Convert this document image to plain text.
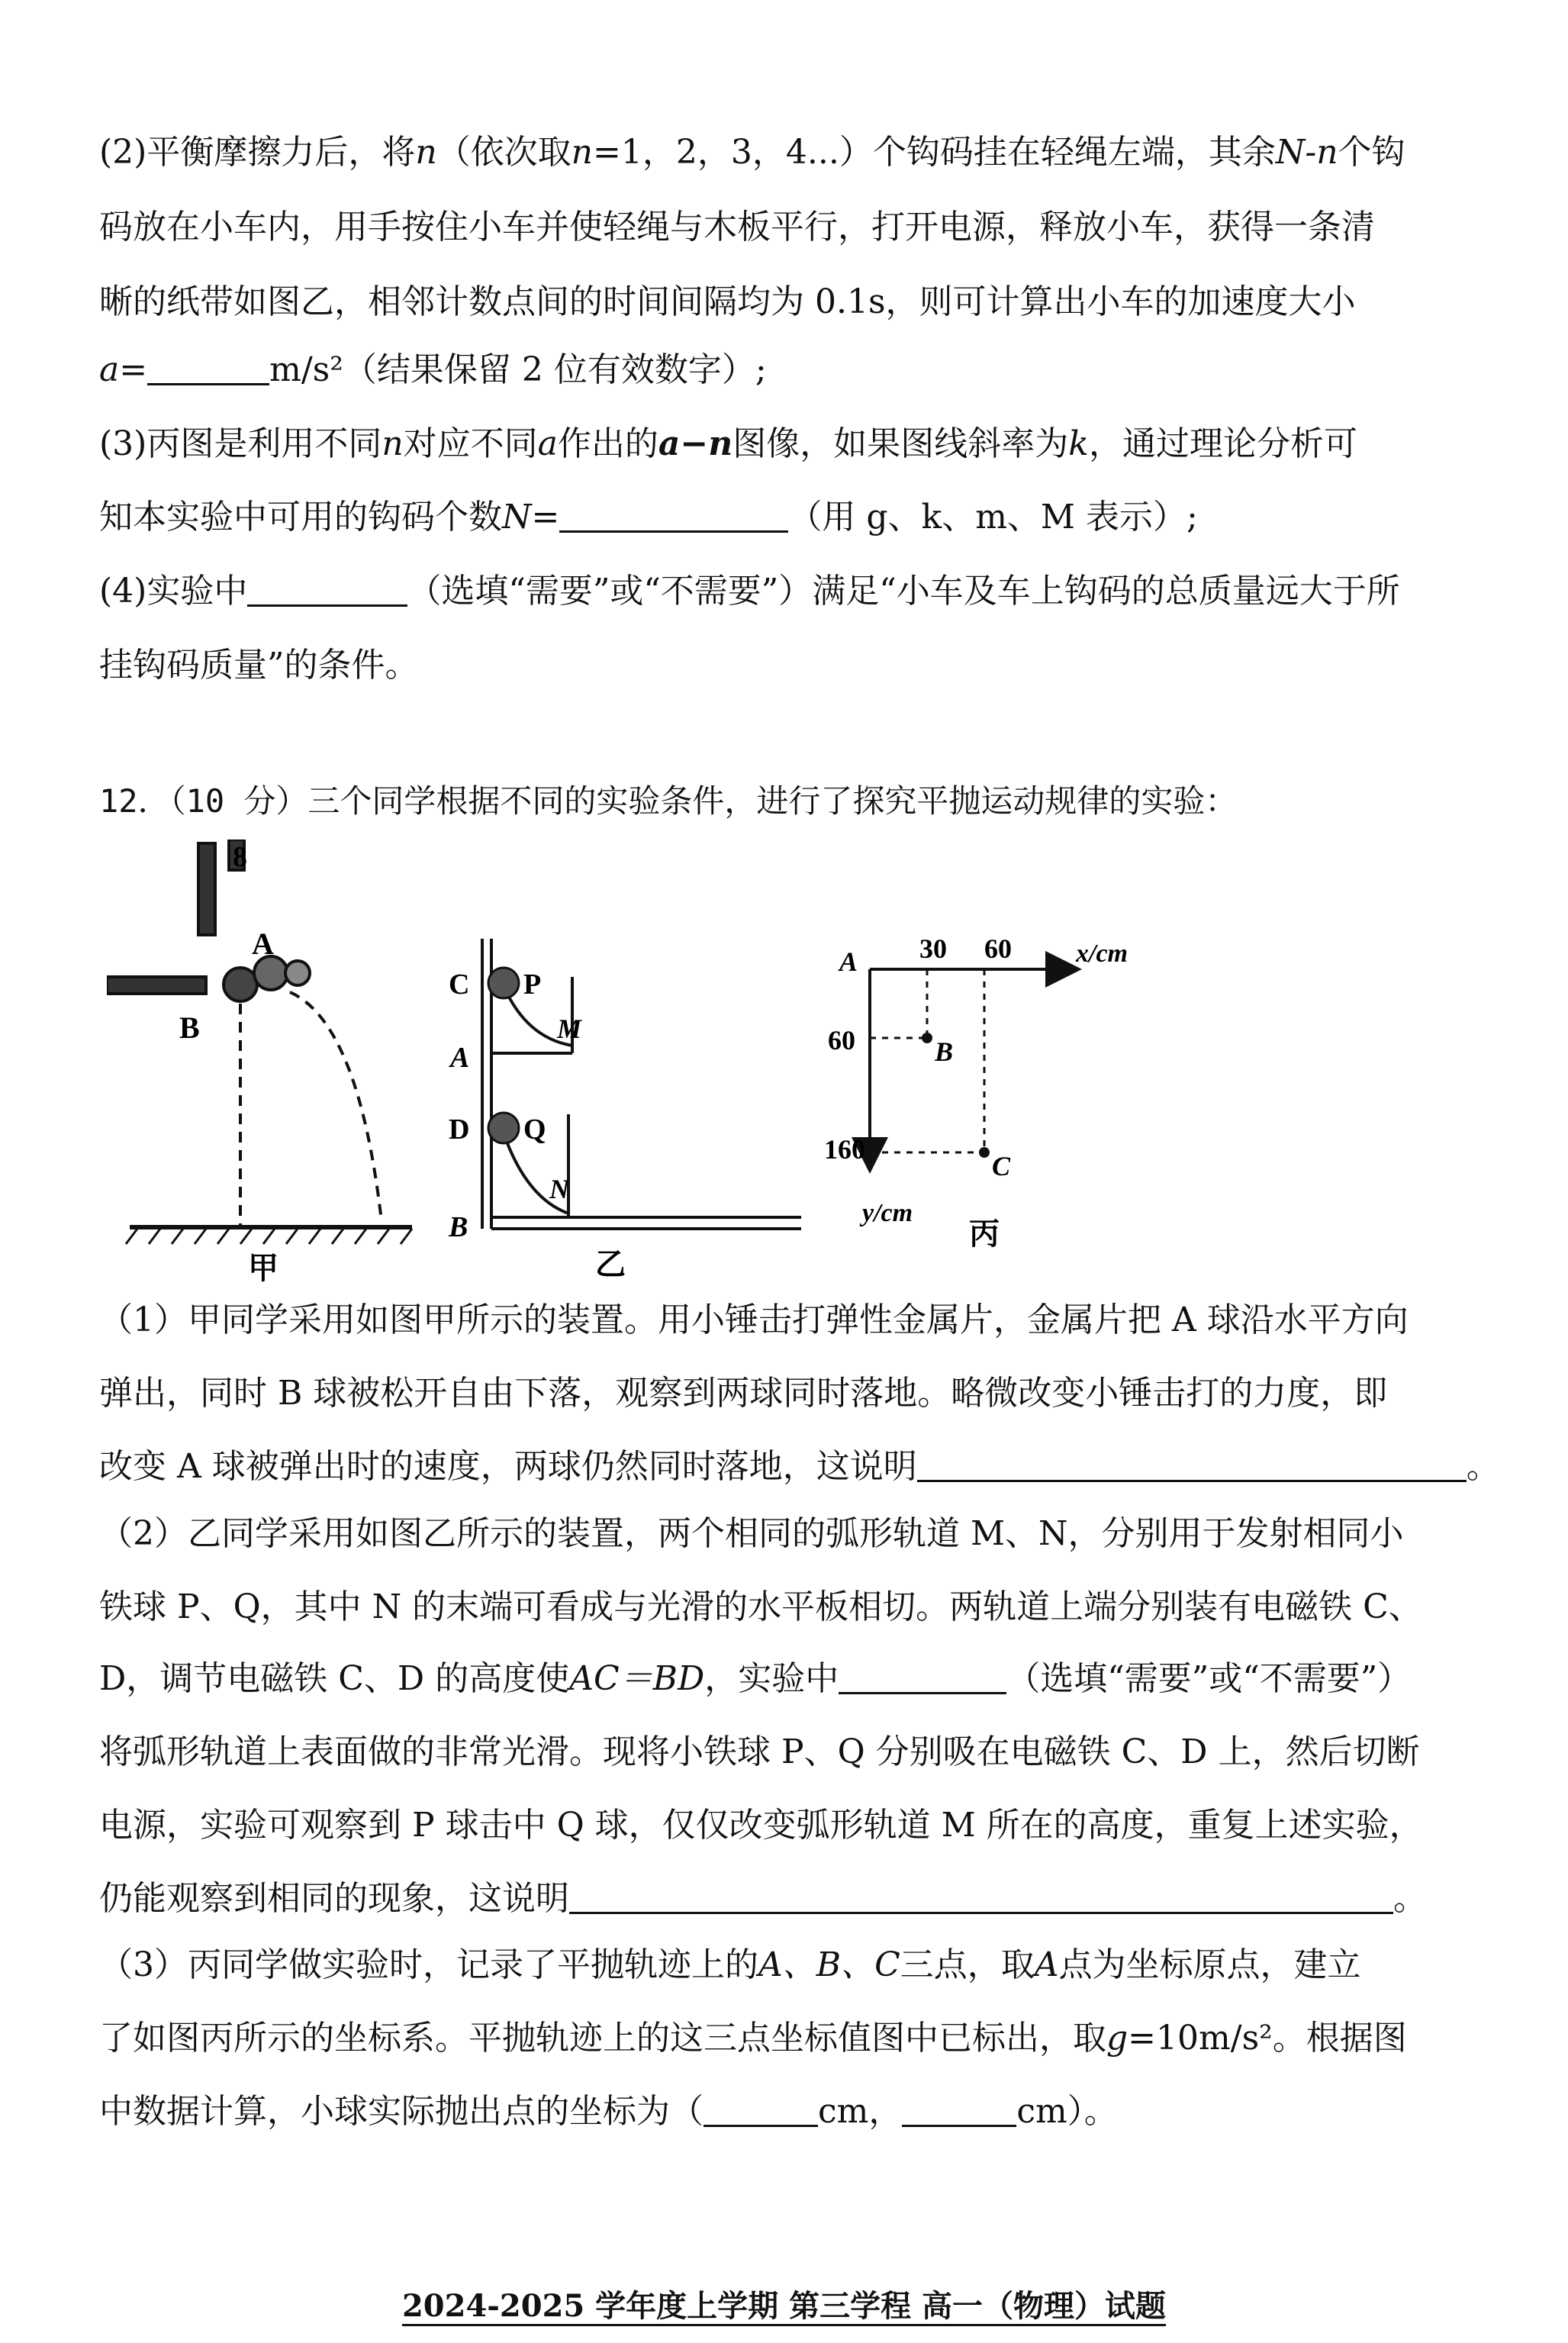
(2)平衡摩擦力后，将n（依次取n=1，2，3，4...）个钩码挂在轻绳左端，其余N-n个钩
码放在小车内，用手按住小车并使轻绳与木板平行，打开电源，释放小车，获得一条清
晰的纸带如图乙，相邻计数点间的时间间隔均为 0.1s，则可计算出小车的加速度大小
a=	m/s²（结果保留 2 位有效数字）;
(3)丙图是利用不同n对应不同a作出的a−n图像，如果图线斜率为k，通过理论分析可
知本实验中可用的钩码个数N=	（用 g、k、m、M 表示）;
(4)实验中	（选填“需要”或“不需要”）满足“小车及车上钩码的总质量远大于所
挂钩码质量”的条件。
12．（10 分）三个同学根据不同的实验条件，进行了探究平抛运动规律的实验：
8
A
B
甲
C P
M
A
D Q
N
B
乙
B
C
A	x/cm
y/cm
30 60
60
160
丙
（1）甲同学采用如图甲所示的装置。用小锤击打弹性金属片，金属片把 A 球沿水平方向
弹出，同时 B 球被松开自由下落，观察到两球同时落地。略微改变小锤击打的力度，即
改变 A 球被弹出时的速度，两球仍然同时落地，这说明	。
（2）乙同学采用如图乙所示的装置，两个相同的弧形轨道 M、N，分别用于发射相同小
铁球 P、Q，其中 N 的末端可看成与光滑的水平板相切。两轨道上端分别装有电磁铁 C、
D，调节电磁铁 C、D 的高度使AC＝BD，实验中	（选填“需要”或“不需要”）
将弧形轨道上表面做的非常光滑。现将小铁球 P、Q 分别吸在电磁铁 C、D 上，然后切断
电源，实验可观察到 P 球击中 Q 球，仅仅改变弧形轨道 M 所在的高度，重复上述实验，
仍能观察到相同的现象，这说明	。
（3）丙同学做实验时，记录了平抛轨迹上的A、B、C三点，取A点为坐标原点，建立
了如图丙所示的坐标系。平抛轨迹上的这三点坐标值图中已标出，取g=10m/s²。根据图
中数据计算，小球实际抛出点的坐标为（	cm，	cm）。
2024-2025 学年度上学期 第三学程 高一（物理）试题
